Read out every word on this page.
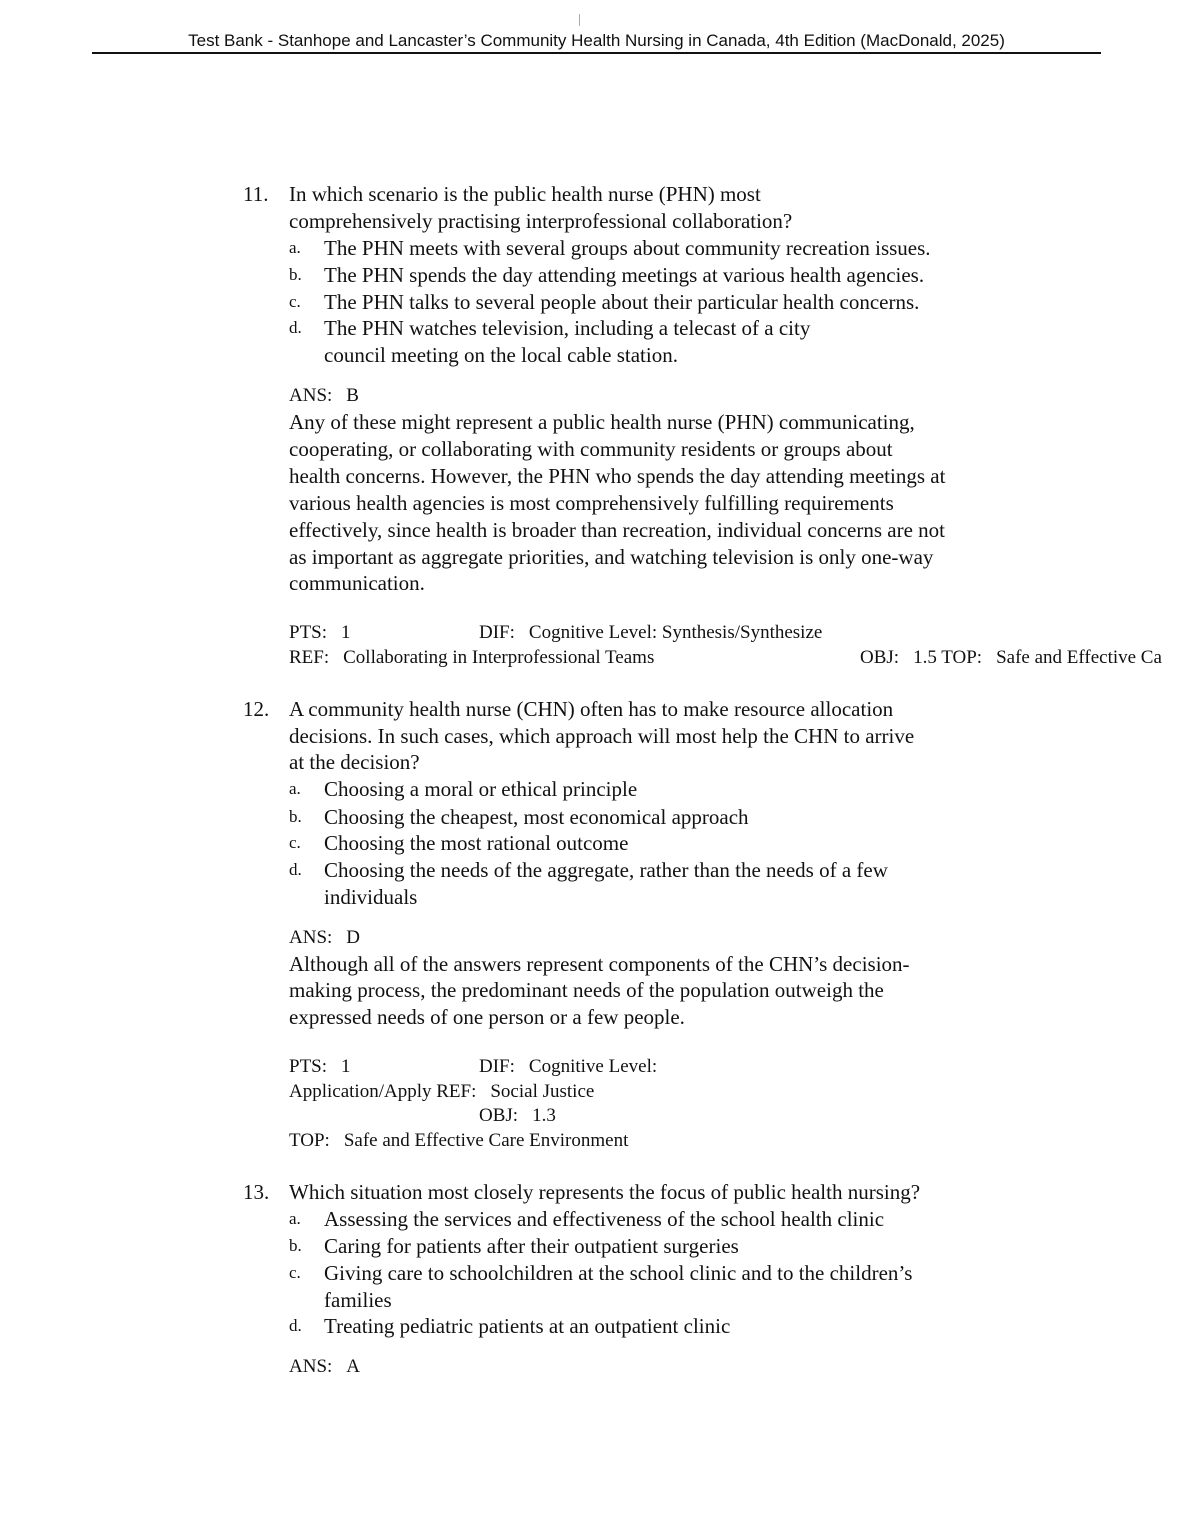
Test Bank - Stanhope and Lancaster’s Community Health Nursing in Canada, 4th Edition (MacDonald, 2025)
11. In which scenario is the public health nurse (PHN) most
comprehensively practising interprofessional collaboration?
a. The PHN meets with several groups about community recreation issues.
b. The PHN spends the day attending meetings at various health agencies.
c. The PHN talks to several people about their particular health concerns.
d. The PHN watches television, including a telecast of a city
council meeting on the local cable station.
ANS: B
Any of these might represent a public health nurse (PHN) communicating,
cooperating, or collaborating with community residents or groups about
health concerns. However, the PHN who spends the day attending meetings at
various health agencies is most comprehensively fulfilling requirements
effectively, since health is broader than recreation, individual concerns are not
as important as aggregate priorities, and watching television is only one-way
communication.
PTS: 1	DIF: Cognitive Level: Synthesis/Synthesize
REF: Collaborating in Interprofessional Teams	OBJ: 1.5 TOP: Safe and Effective Ca
12. A community health nurse (CHN) often has to make resource allocation
decisions. In such cases, which approach will most help the CHN to arrive
at the decision?
a. Choosing a moral or ethical principle
b. Choosing the cheapest, most economical approach
c. Choosing the most rational outcome
d. Choosing the needs of the aggregate, rather than the needs of a few
individuals
ANS: D
Although all of the answers represent components of the CHN’s decision-
making process, the predominant needs of the population outweigh the
expressed needs of one person or a few people.
PTS: 1	DIF: Cognitive Level:
Application/Apply REF: Social Justice
OBJ: 1.3
TOP: Safe and Effective Care Environment
13. Which situation most closely represents the focus of public health nursing?
a. Assessing the services and effectiveness of the school health clinic
b. Caring for patients after their outpatient surgeries
c. Giving care to schoolchildren at the school clinic and to the children’s
families
d. Treating pediatric patients at an outpatient clinic
ANS: A
